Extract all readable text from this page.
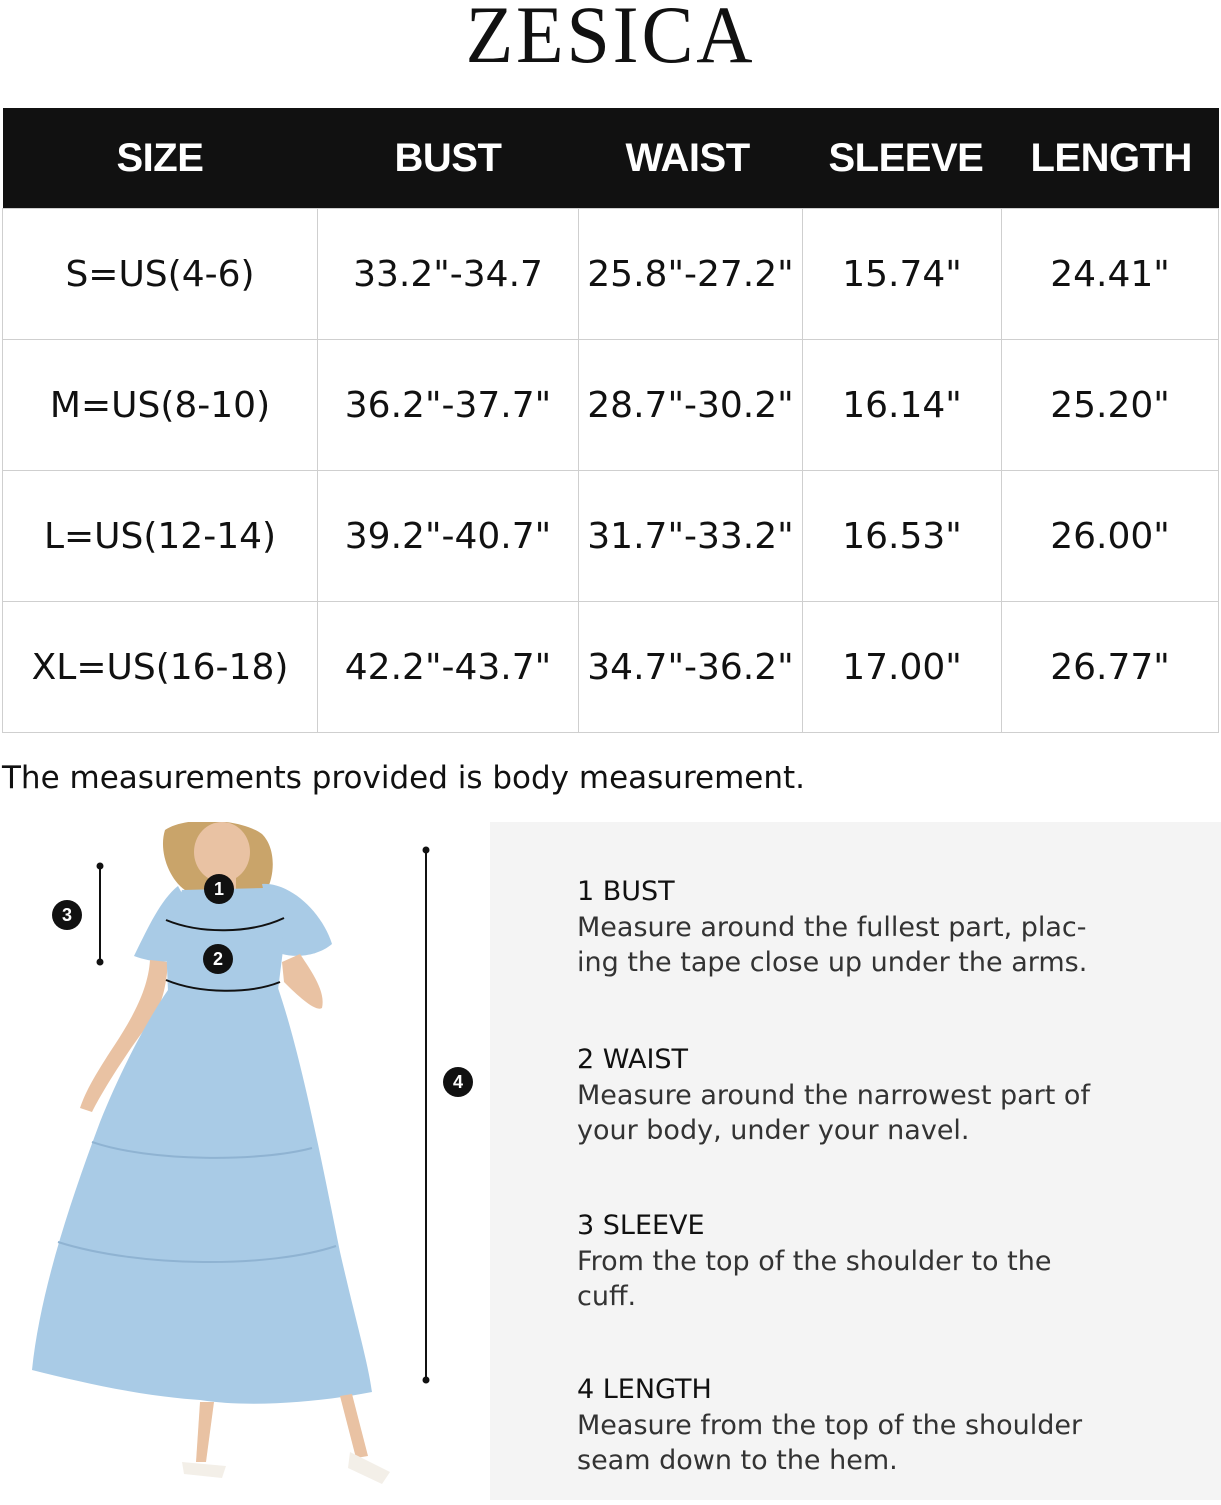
ZESICA
SIZE	BUST	WAIST	SLEEVE	LENGTH
S=US(4-6)	33.2"-34.7	25.8"-27.2"	15.74"	24.41"
M=US(8-10)	36.2"-37.7"	28.7"-30.2"	16.14"	25.20"
L=US(12-14)	39.2"-40.7"	31.7"-33.2"	16.53"	26.00"
XL=US(16-18)	42.2"-43.7"	34.7"-36.2"	17.00"	26.77"
The measurements provided is body measurement.
1
2
3
4
1 BUST
Measure around the fullest part, plac-
ing the tape close up under the arms.
2 WAIST
Measure around the narrowest part of
your body, under your navel.
3 SLEEVE
From the top of the shoulder to the
cuff.
4 LENGTH
Measure from the top of the shoulder
seam down to the hem.
